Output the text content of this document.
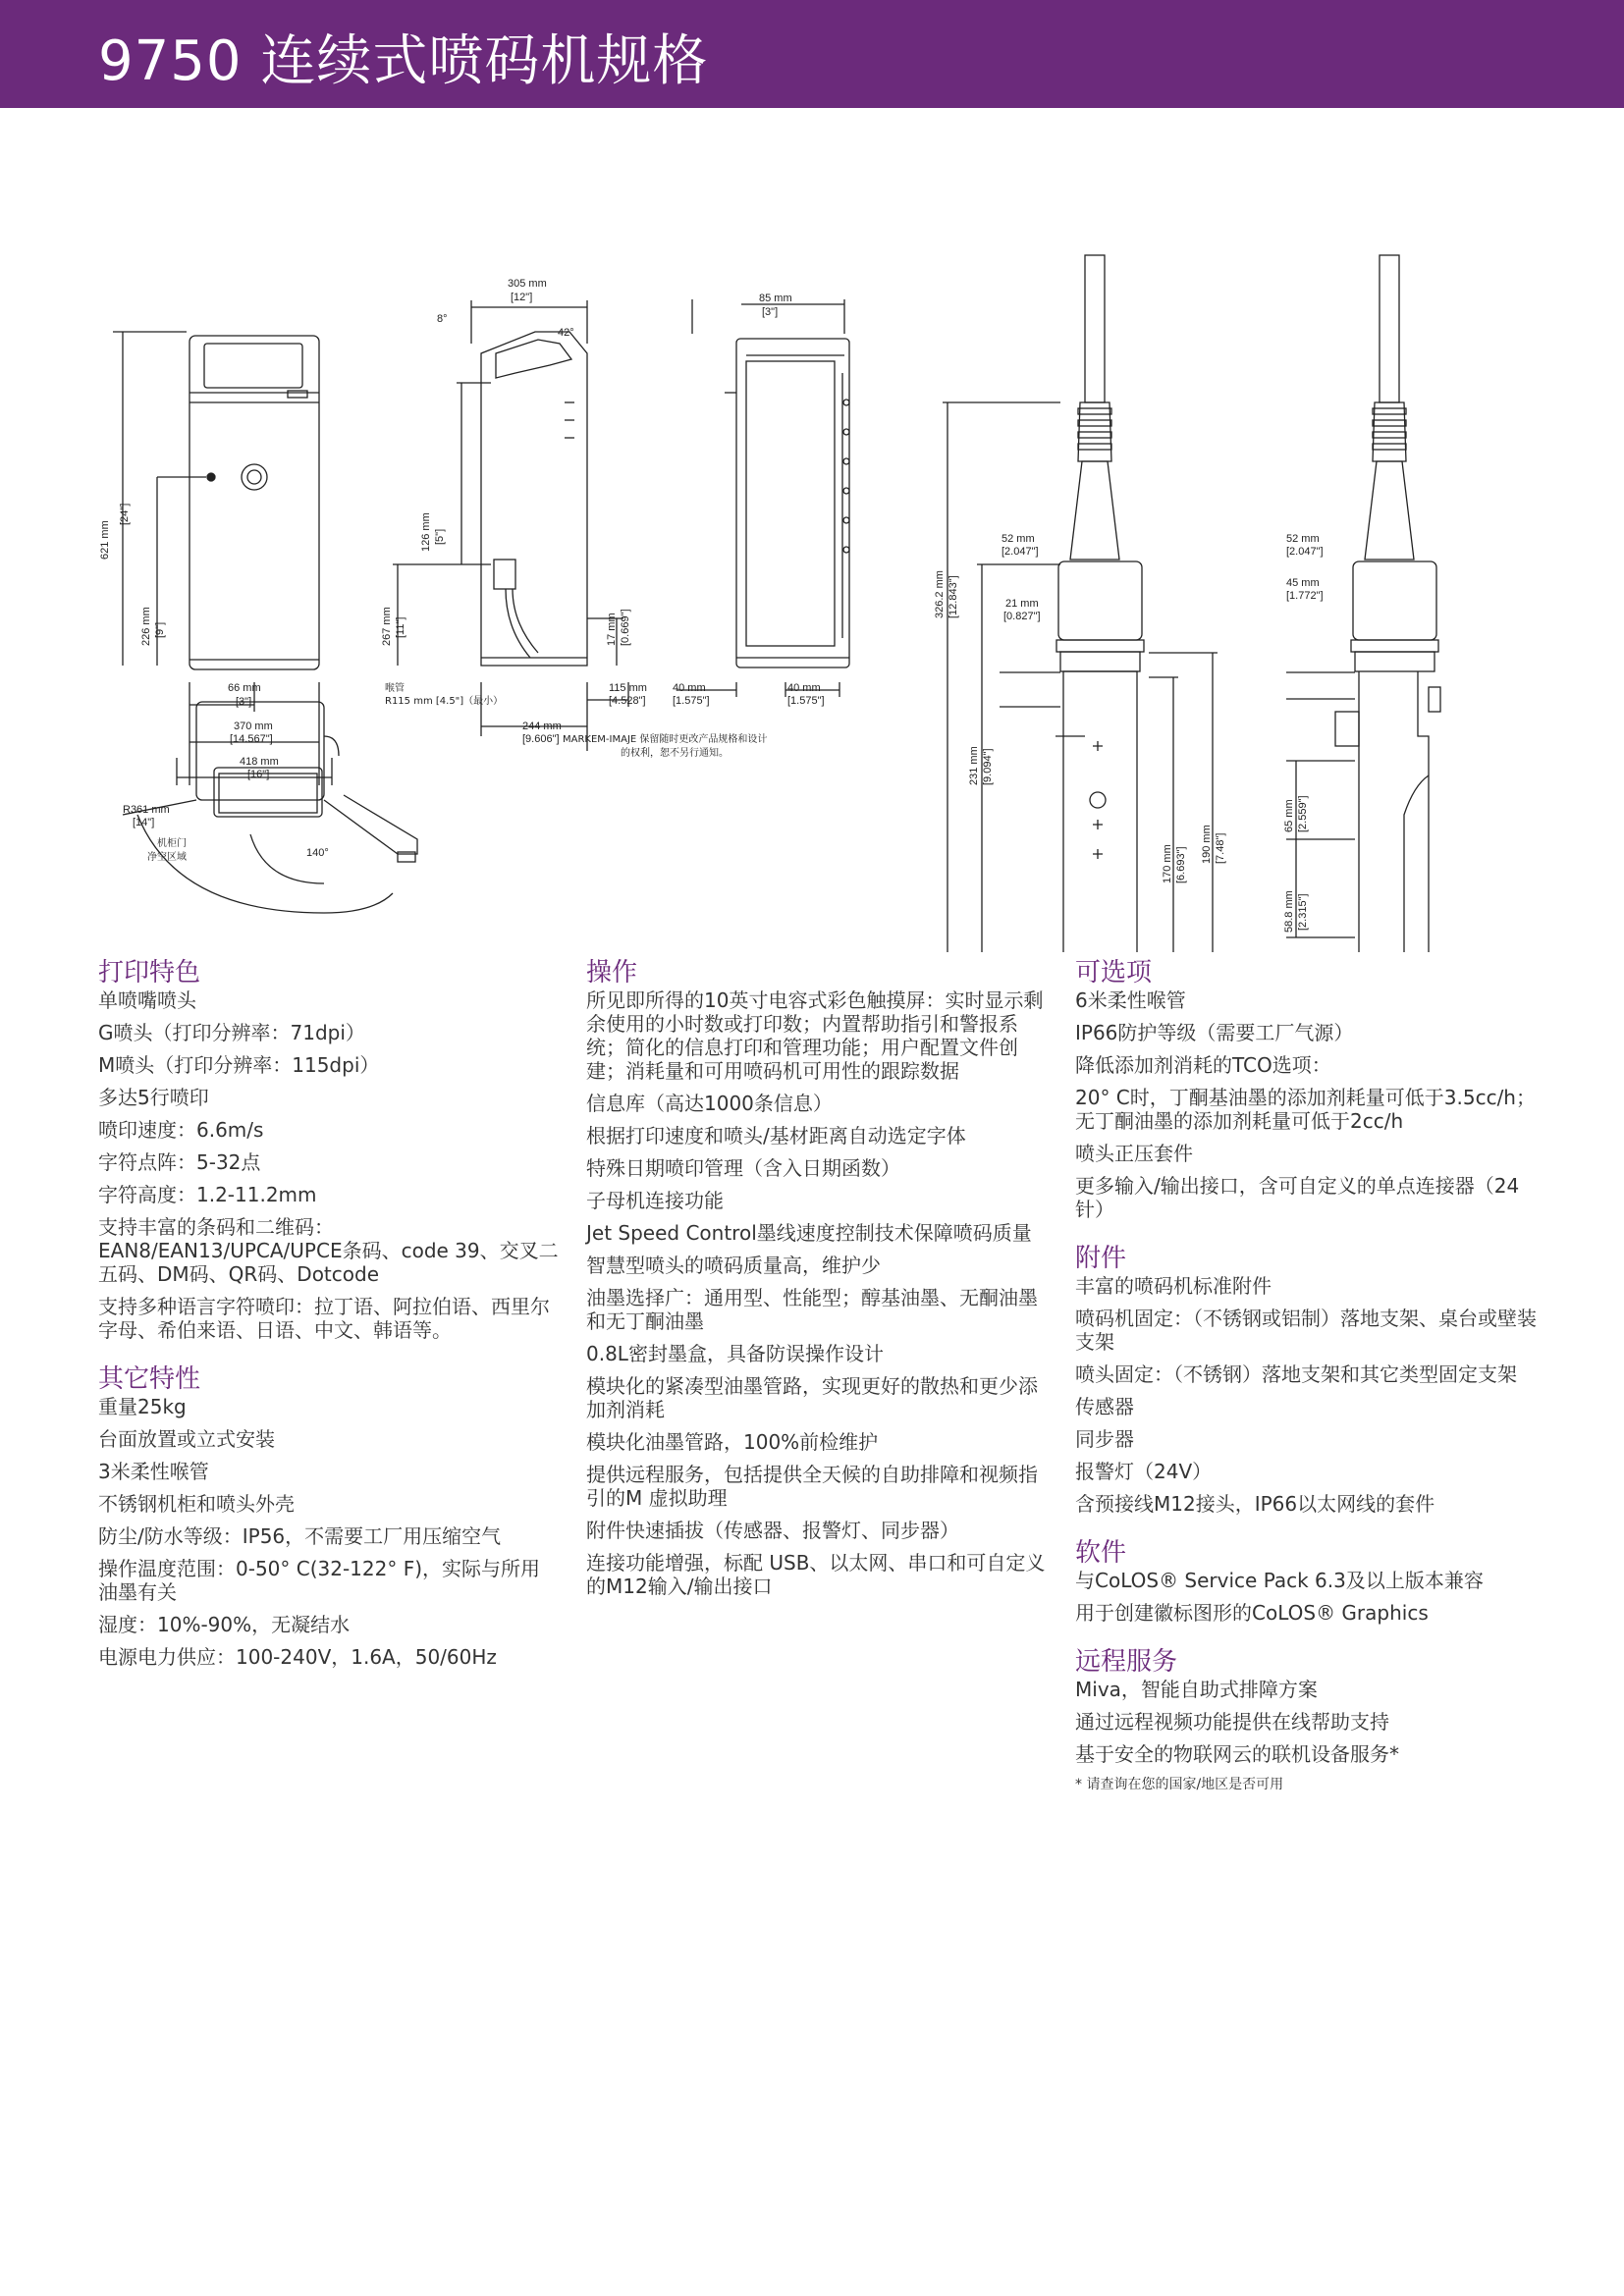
9750 连续式喷码机规格
305 mm
[12"]	85 mm
[3"]
8°
42°
621 mm
[24"]
226 mm [9"]
126 mm [5"]
267 mm [11"]	17 mm [0.669"]
66 mm
[3"]
370 mm
[14.567"]
418 mm
[16"]
喉管
R115 mm [4.5"]（最小）
244 mm
[9.606"]
115 mm
[4.528"]
40 mm
[1.575"]
40 mm
[1.575"]
R361 mm
[14"]
机柜门
净空区域	140°
MARKEM-IMAJE 保留随时更改产品规格和设计
的权利，恕不另行通知。
326.2 mm [12.843"]
231 mm [9.094"]
52 mm
[2.047"]
21 mm
[0.827"]
170 mm [6.693"]
190 mm [7.48"]
52 mm
[2.047"]
45 mm
[1.772"]
65 mm [2.559"]
58.8 mm [2.315"]
打印特色
单喷嘴喷头
G喷头（打印分辨率：71dpi）
M喷头（打印分辨率：115dpi）
多达5行喷印
喷印速度：6.6m/s
字符点阵：5-32点
字符高度：1.2-11.2mm
支持丰富的条码和二维码：EAN8/EAN13/UPCA/UPCE条码、code 39、交叉二五码、DM码、QR码、Dotcode
支持多种语言字符喷印：拉丁语、阿拉伯语、西里尔字母、希伯来语、日语、中文、韩语等。
其它特性
重量25kg
台面放置或立式安装
3米柔性喉管
不锈钢机柜和喷头外壳
防尘/防水等级：IP56，不需要工厂用压缩空气
操作温度范围：0-50° C(32-122° F)，实际与所用油墨有关
湿度：10%-90%，无凝结水
电源电力供应：100-240V，1.6A，50/60Hz
操作
所见即所得的10英寸电容式彩色触摸屏：实时显示剩余使用的小时数或打印数；内置帮助指引和警报系统；简化的信息打印和管理功能；用户配置文件创建；消耗量和可用喷码机可用性的跟踪数据
信息库（高达1000条信息）
根据打印速度和喷头/基材距离自动选定字体
特殊日期喷印管理（含入日期函数）
子母机连接功能
Jet Speed Control墨线速度控制技术保障喷码质量
智慧型喷头的喷码质量高，维护少
油墨选择广：通用型、性能型；醇基油墨、无酮油墨和无丁酮油墨
0.8L密封墨盒，具备防误操作设计
模块化的紧凑型油墨管路，实现更好的散热和更少添加剂消耗
模块化油墨管路，100%前检维护
提供远程服务，包括提供全天候的自助排障和视频指引的M 虚拟助理
附件快速插拔（传感器、报警灯、同步器）
连接功能增强，标配 USB、以太网、串口和可自定义的M12输入/输出接口
可选项
6米柔性喉管
IP66防护等级（需要工厂气源）
降低添加剂消耗的TCO选项：
20° C时，丁酮基油墨的添加剂耗量可低于3.5cc/h；无丁酮油墨的添加剂耗量可低于2cc/h
喷头正压套件
更多输入/输出接口，含可自定义的单点连接器（24针）
附件
丰富的喷码机标准附件
喷码机固定：（不锈钢或铝制）落地支架、桌台或壁装支架
喷头固定：（不锈钢）落地支架和其它类型固定支架
传感器
同步器
报警灯（24V）
含预接线M12接头，IP66以太网线的套件
软件
与CoLOS® Service Pack 6.3及以上版本兼容
用于创建徽标图形的CoLOS® Graphics
远程服务
Miva，智能自助式排障方案
通过远程视频功能提供在线帮助支持
基于安全的物联网云的联机设备服务*
* 请查询在您的国家/地区是否可用
